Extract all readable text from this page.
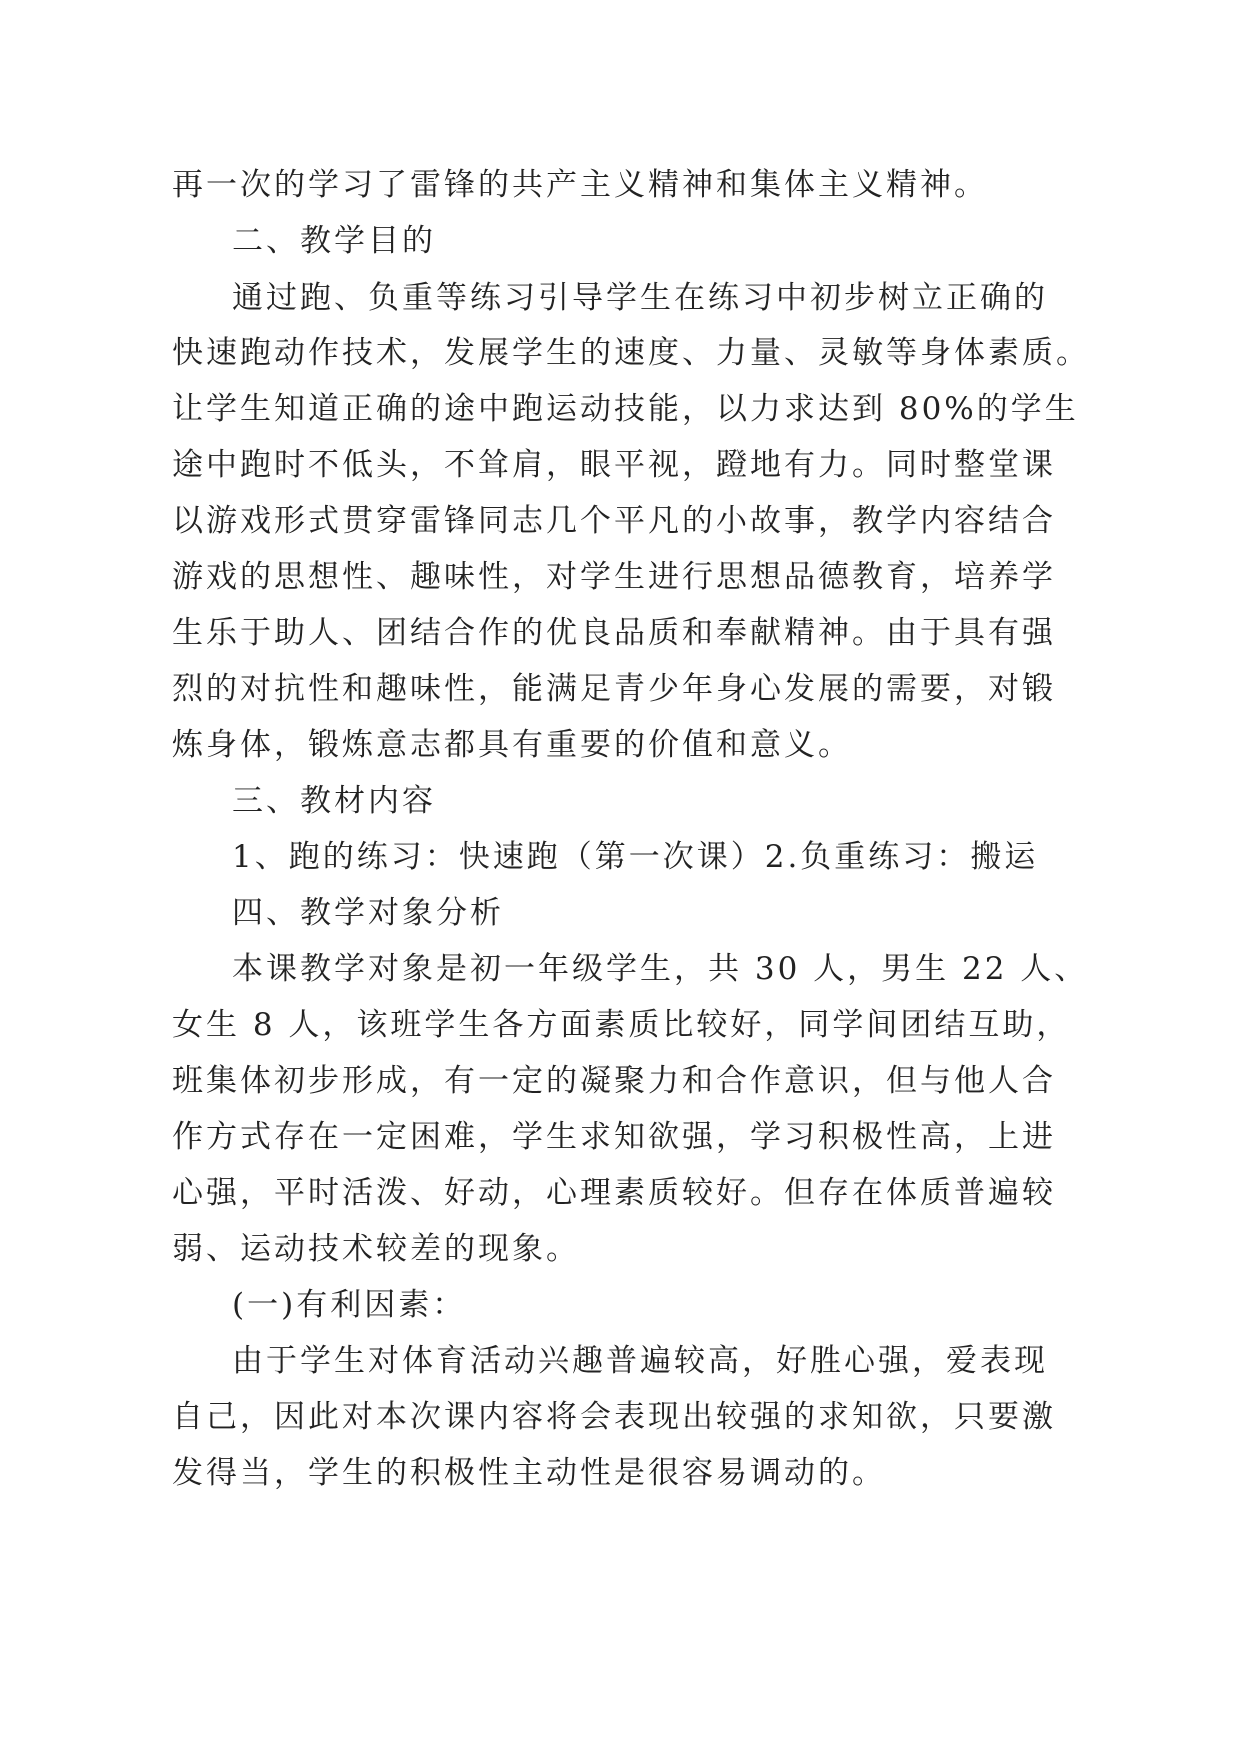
再一次的学习了雷锋的共产主义精神和集体主义精神。
二、教学目的
通过跑、负重等练习引导学生在练习中初步树立正确的
快速跑动作技术，发展学生的速度、力量、灵敏等身体素质。
让学生知道正确的途中跑运动技能，以力求达到 80%的学生
途中跑时不低头，不耸肩，眼平视，蹬地有力。同时整堂课
以游戏形式贯穿雷锋同志几个平凡的小故事，教学内容结合
游戏的思想性、趣味性，对学生进行思想品德教育，培养学
生乐于助人、团结合作的优良品质和奉献精神。由于具有强
烈的对抗性和趣味性，能满足青少年身心发展的需要，对锻
炼身体，锻炼意志都具有重要的价值和意义。
三、教材内容
1、跑的练习：快速跑（第一次课）2.负重练习：搬运
四、教学对象分析
本课教学对象是初一年级学生，共 30 人，男生 22 人、
女生 8 人，该班学生各方面素质比较好，同学间团结互助，
班集体初步形成，有一定的凝聚力和合作意识，但与他人合
作方式存在一定困难，学生求知欲强，学习积极性高，上进
心强，平时活泼、好动，心理素质较好。但存在体质普遍较
弱、运动技术较差的现象。
(一)有利因素：
由于学生对体育活动兴趣普遍较高，好胜心强，爱表现
自己，因此对本次课内容将会表现出较强的求知欲，只要激
发得当，学生的积极性主动性是很容易调动的。
